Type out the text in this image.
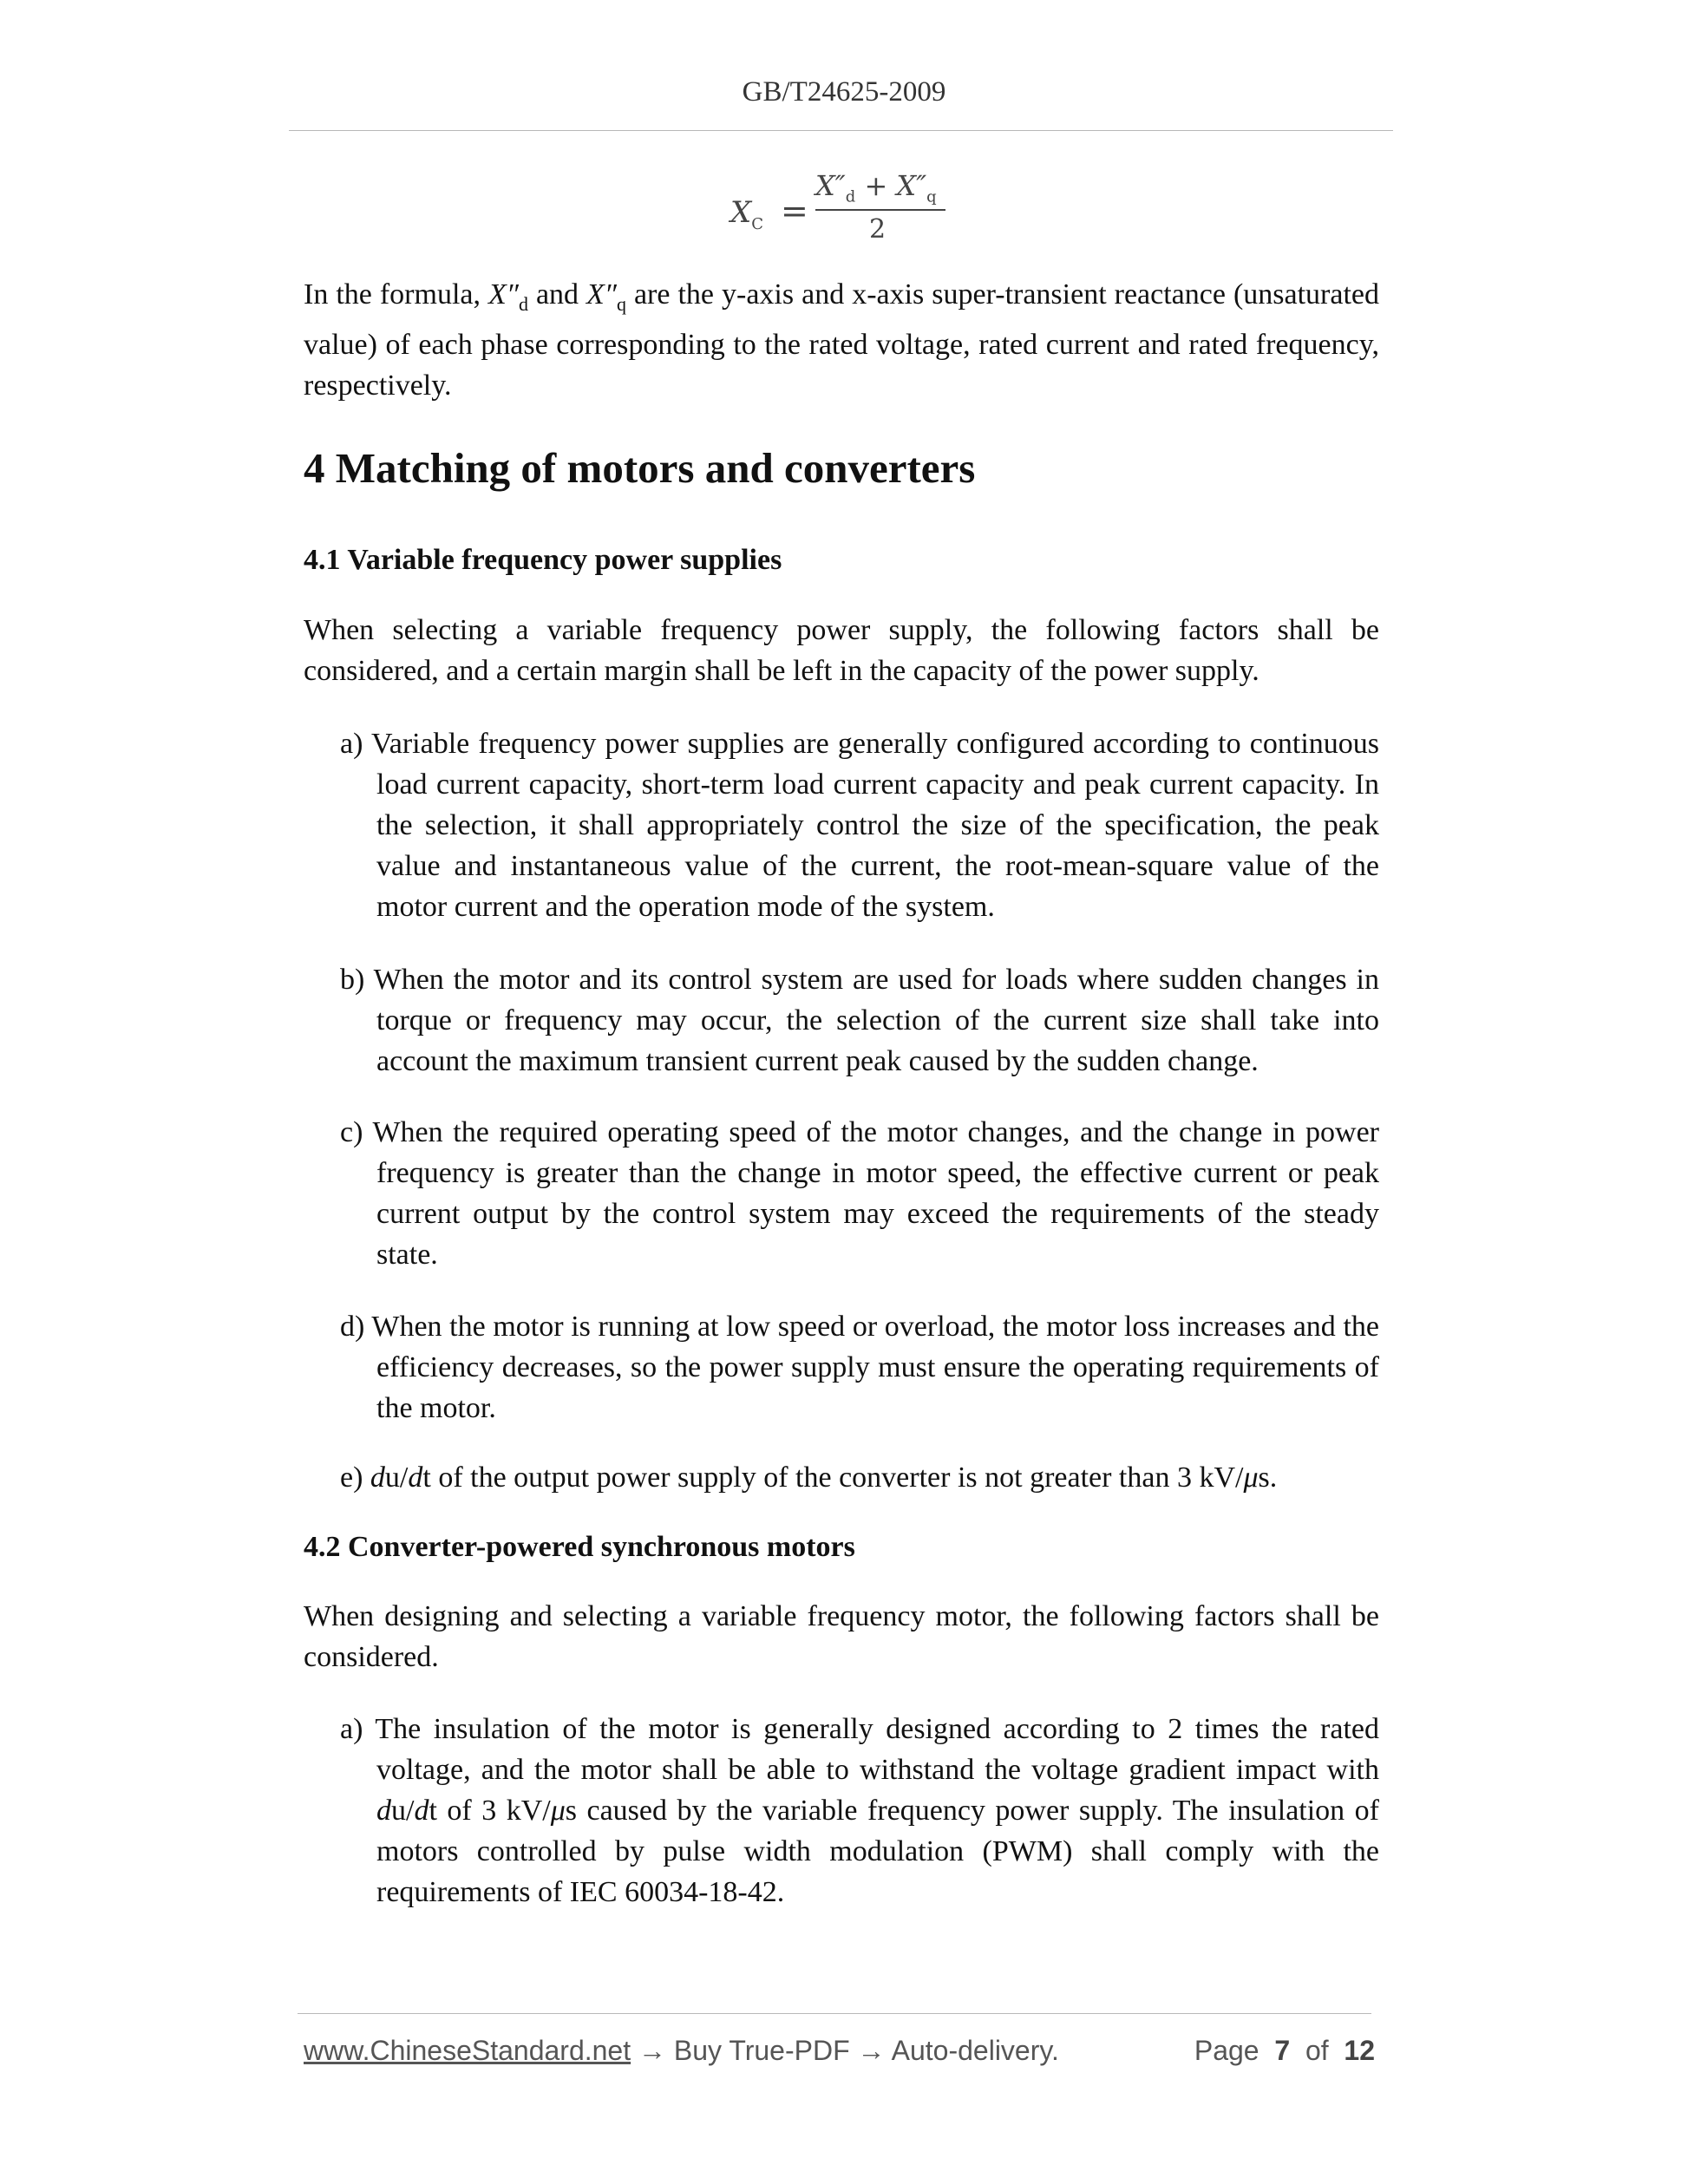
GB/T24625-2009
$X_C$ =
$X''_d + X''_q$
2

In the formula, $X''_d$ and $X''_q$ are the y-axis and x-axis super-transient reactance (unsaturated value) of each phase corresponding to the rated voltage, rated current and rated frequency, respectively.

4 Matching of motors and converters

4.1 Variable frequency power supplies

When selecting a variable frequency power supply, the following factors shall be considered, and a certain margin shall be left in the capacity of the power supply.

a) Variable frequency power supplies are generally configured according to continuous load current capacity, short-term load current capacity and peak current capacity. In the selection, it shall appropriately control the size of the specification, the peak value and instantaneous value of the current, the root-mean-square value of the motor current and the operation mode of the system.
b) When the motor and its control system are used for loads where sudden changes in torque or frequency may occur, the selection of the current size shall take into account the maximum transient current peak caused by the sudden change.
c) When the required operating speed of the motor changes, and the change in power frequency is greater than the change in motor speed, the effective current or peak current output by the control system may exceed the requirements of the steady state.
d) When the motor is running at low speed or overload, the motor loss increases and the efficiency decreases, so the power supply must ensure the operating requirements of the motor.
e) du/dt of the output power supply of the converter is not greater than 3 kV/μs.

4.2 Converter-powered synchronous motors

When designing and selecting a variable frequency motor, the following factors shall be considered.

a) The insulation of the motor is generally designed according to 2 times the rated voltage, and the motor shall be able to withstand the voltage gradient impact with du/dt of 3 kV/μs caused by the variable frequency power supply. The insulation of motors controlled by pulse width modulation (PWM) shall comply with the requirements of IEC 60034-18-42.
www.ChineseStandard.net → Buy True-PDF → Auto-delivery.	Page 7 of 12
